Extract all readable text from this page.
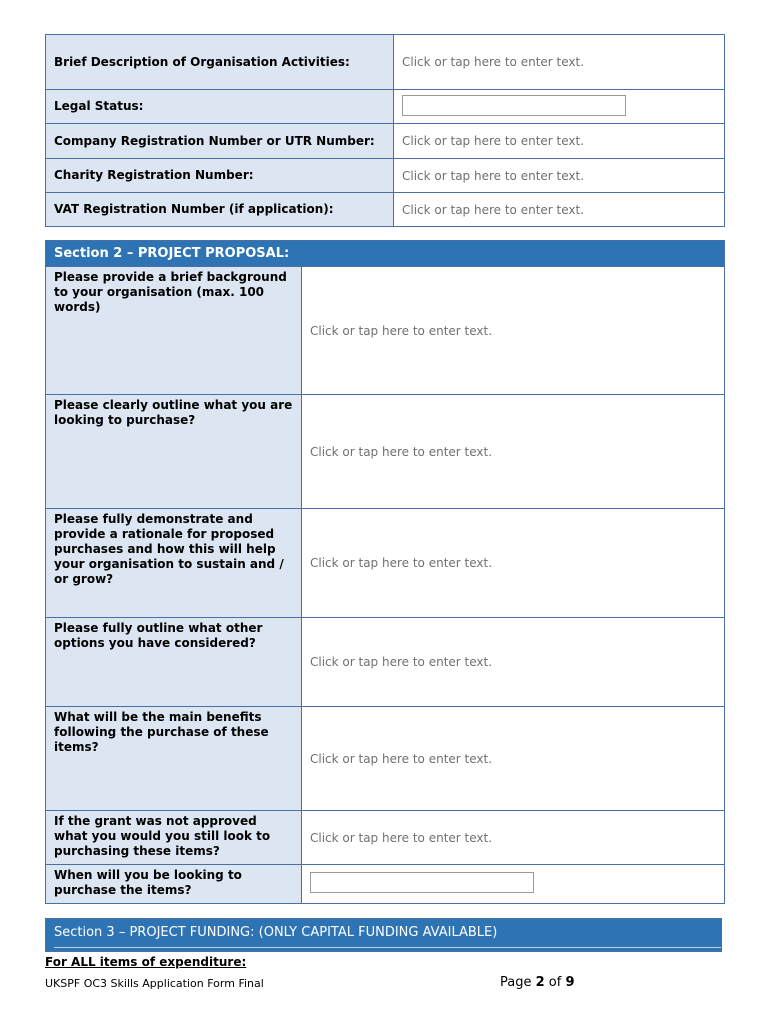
Brief Description of Organisation Activities:	Click or tap here to enter text.
Legal Status:	
Company Registration Number or UTR Number:	Click or tap here to enter text.
Charity Registration Number:	Click or tap here to enter text.
VAT Registration Number (if application):	Click or tap here to enter text.
Section 2 – PROJECT PROPOSAL:	
Please provide a brief background to your organisation (max. 100 words)	Click or tap here to enter text.
Please clearly outline what you are looking to purchase?	Click or tap here to enter text.
Please fully demonstrate and provide a rationale for proposed purchases and how this will help your organisation to sustain and / or grow?	Click or tap here to enter text.
Please fully outline what other options you have considered?	Click or tap here to enter text.
What will be the main benefits following the purchase of these items?	Click or tap here to enter text.
If the grant was not approved what you would you still look to purchasing these items?	Click or tap here to enter text.
When will you be looking to purchase the items?	
Section 3 – PROJECT FUNDING: (ONLY CAPITAL FUNDING AVAILABLE)
For ALL items of expenditure:
UKSPF OC3 Skills Application Form Final	Page 2 of 9
